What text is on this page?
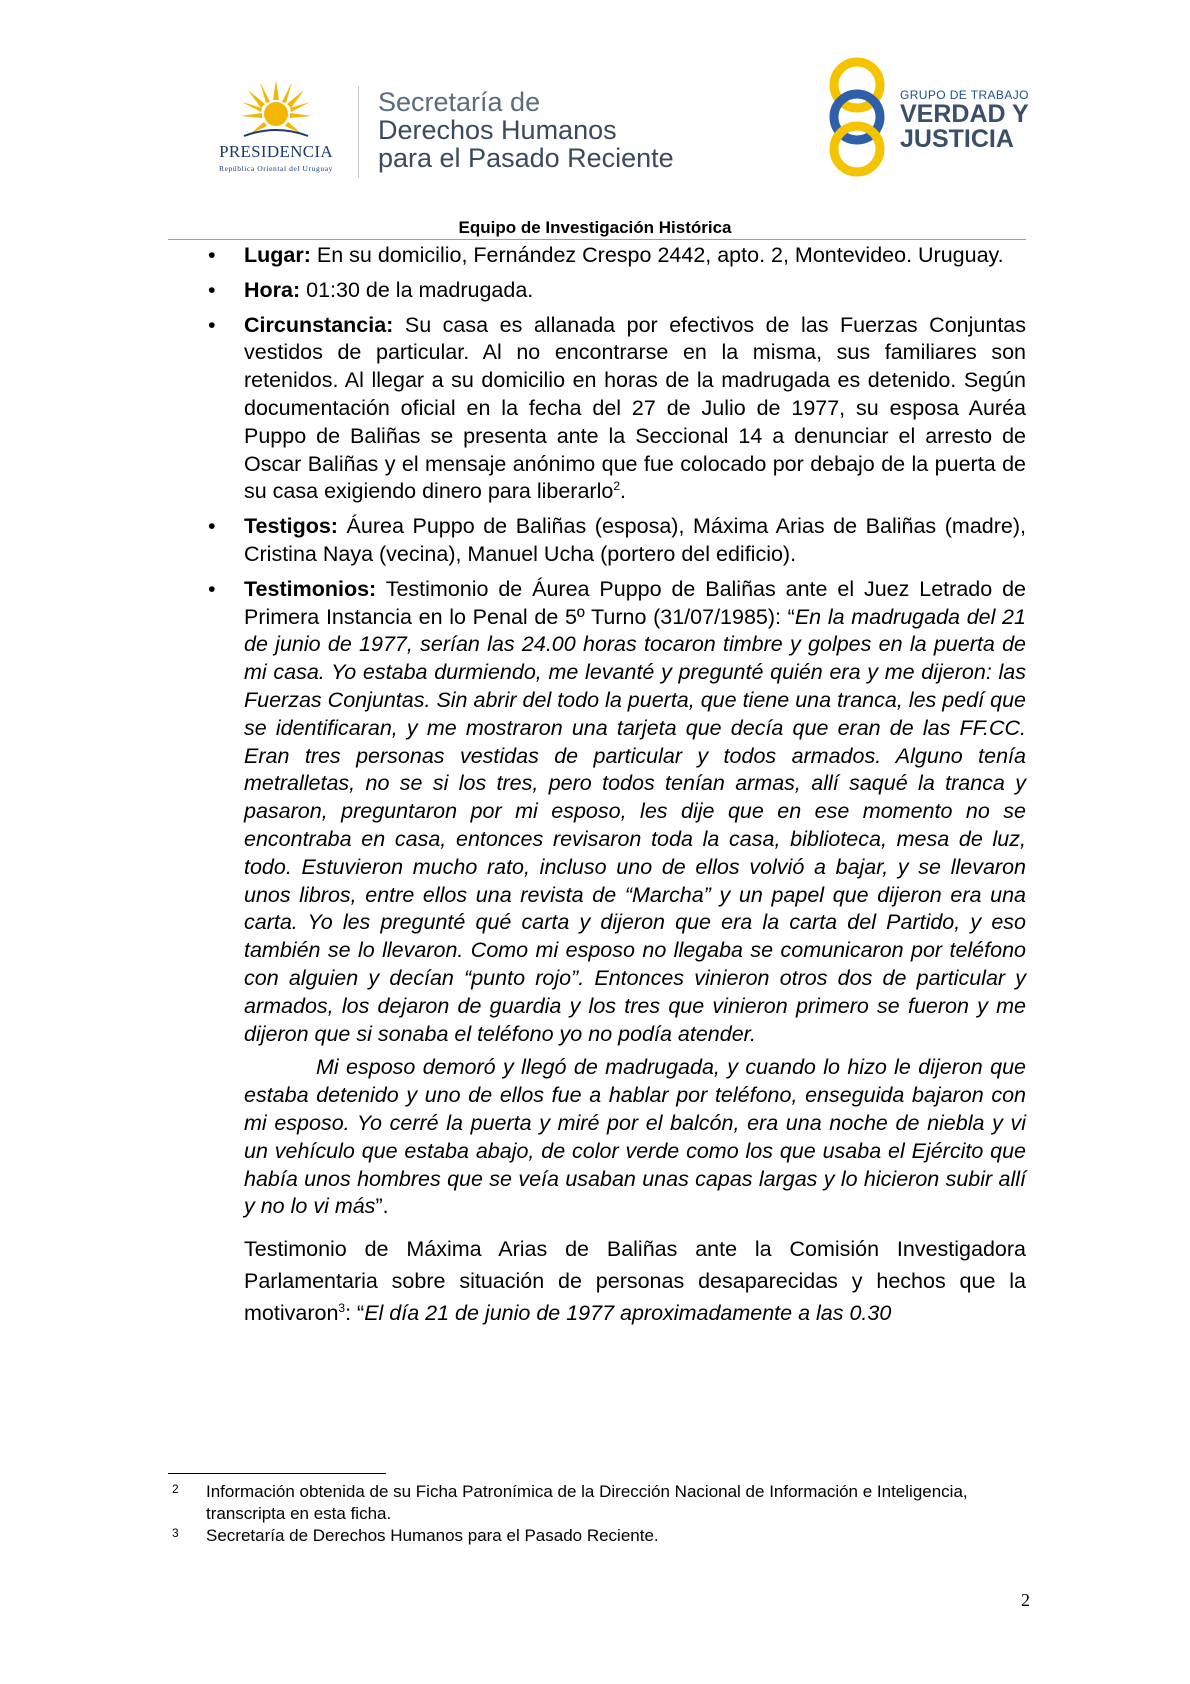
PRESIDENCIA
República Oriental del Uruguay
Secretaría de
Derechos Humanos
para el Pasado Reciente
GRUPO DE TRABAJO
VERDAD Y
JUSTICIA
Equipo de Investigación Histórica
• Lugar: En su domicilio, Fernández Crespo 2442, apto. 2, Montevideo. Uruguay.
• Hora: 01:30 de la madrugada.
• Circunstancia: Su casa es allanada por efectivos de las Fuerzas Conjuntas vestidos de particular. Al no encontrarse en la misma, sus familiares son retenidos. Al llegar a su domicilio en horas de la madrugada es detenido. Según documentación oficial en la fecha del 27 de Julio de 1977, su esposa Auréa Puppo de Baliñas se presenta ante la Seccional 14 a denunciar el arresto de Oscar Baliñas y el mensaje anónimo que fue colocado por debajo de la puerta de su casa exigiendo dinero para liberarlo$^2$.
• Testigos: Áurea Puppo de Baliñas (esposa), Máxima Arias de Baliñas (madre), Cristina Naya (vecina), Manuel Ucha (portero del edificio).
• Testimonios: Testimonio de Áurea Puppo de Baliñas ante el Juez Letrado de Primera Instancia en lo Penal de 5º Turno (31/07/1985): “En la madrugada del 21 de junio de 1977, serían las 24.00 horas tocaron timbre y golpes en la puerta de mi casa. Yo estaba durmiendo, me levanté y pregunté quién era y me dijeron: las Fuerzas Conjuntas. Sin abrir del todo la puerta, que tiene una tranca, les pedí que se identificaran, y me mostraron una tarjeta que decía que eran de las FF.CC. Eran tres personas vestidas de particular y todos armados. Alguno tenía metralletas, no se si los tres, pero todos tenían armas, allí saqué la tranca y pasaron, preguntaron por mi esposo, les dije que en ese momento no se encontraba en casa, entonces revisaron toda la casa, biblioteca, mesa de luz, todo. Estuvieron mucho rato, incluso uno de ellos volvió a bajar, y se llevaron unos libros, entre ellos una revista de “Marcha” y un papel que dijeron era una carta. Yo les pregunté qué carta y dijeron que era la carta del Partido, y eso también se lo llevaron. Como mi esposo no llegaba se comunicaron por teléfono con alguien y decían “punto rojo”. Entonces vinieron otros dos de particular y armados, los dejaron de guardia y los tres que vinieron primero se fueron y me dijeron que si sonaba el teléfono yo no podía atender.
Mi esposo demoró y llegó de madrugada, y cuando lo hizo le dijeron que estaba detenido y uno de ellos fue a hablar por teléfono, enseguida bajaron con mi esposo. Yo cerré la puerta y miré por el balcón, era una noche de niebla y vi un vehículo que estaba abajo, de color verde como los que usaba el Ejército que había unos hombres que se veía usaban unas capas largas y lo hicieron subir allí y no lo vi más”.
Testimonio de Máxima Arias de Baliñas ante la Comisión Investigadora Parlamentaria sobre situación de personas desaparecidas y hechos que la motivaron$^3$: “El día 21 de junio de 1977 aproximadamente a las 0.30
2 Información obtenida de su Ficha Patronímica de la Dirección Nacional de Información e Inteligencia, transcripta en esta ficha.
3 Secretaría de Derechos Humanos para el Pasado Reciente.
2
